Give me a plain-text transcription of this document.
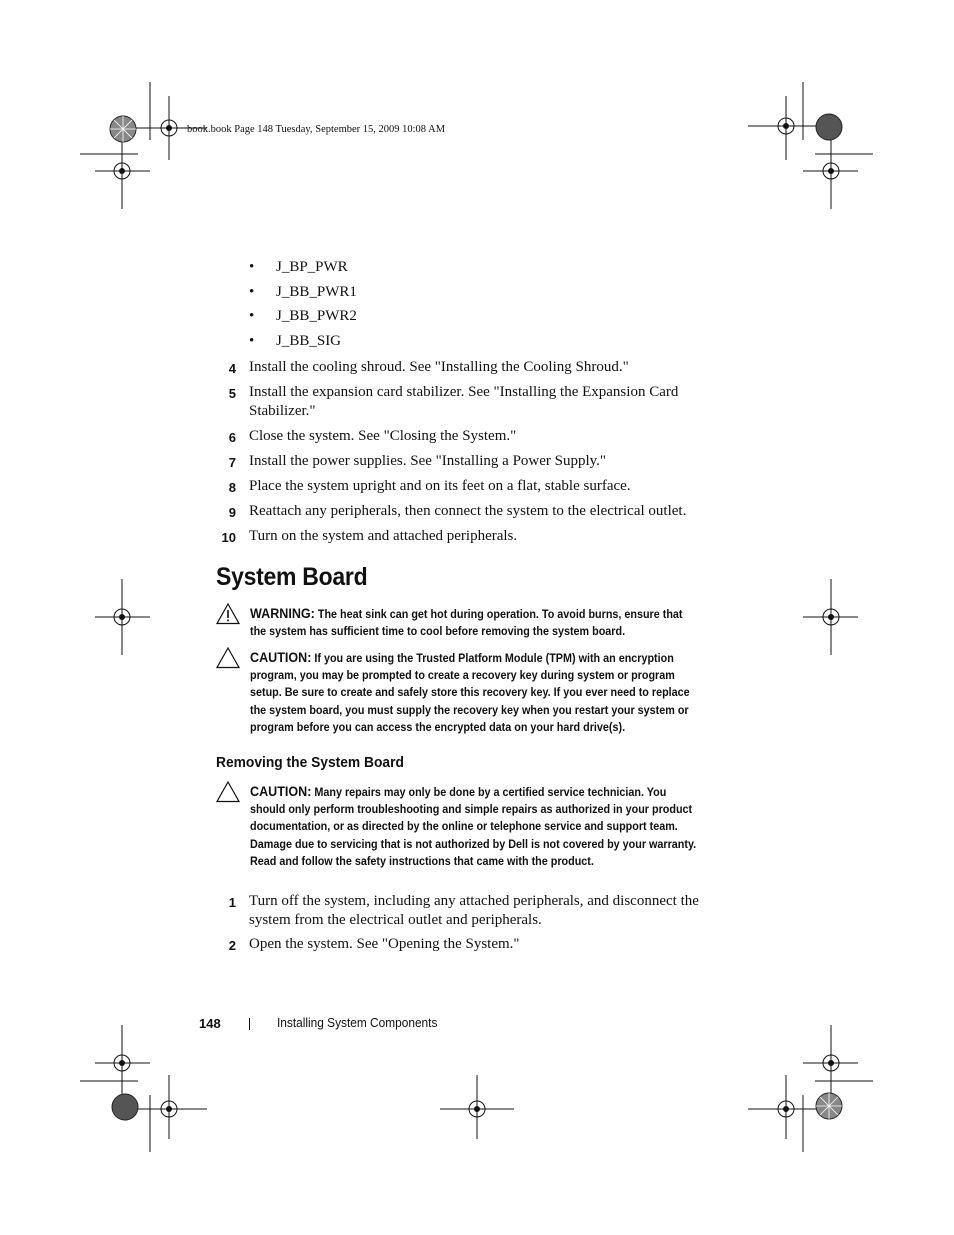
book.book Page 148 Tuesday, September 15, 2009 10:08 AM
• J_BP_PWR
• J_BB_PWR1
• J_BB_PWR2
• J_BB_SIG
4 Install the cooling shroud. See "Installing the Cooling Shroud."
5 Install the expansion card stabilizer. See "Installing the Expansion Card Stabilizer."
6 Close the system. See "Closing the System."
7 Install the power supplies. See "Installing a Power Supply."
8 Place the system upright and on its feet on a flat, stable surface.
9 Reattach any peripherals, then connect the system to the electrical outlet.
10 Turn on the system and attached peripherals.
System Board
WARNING: The heat sink can get hot during operation. To avoid burns, ensure that the system has sufficient time to cool before removing the system board.
CAUTION: If you are using the Trusted Platform Module (TPM) with an encryption program, you may be prompted to create a recovery key during system or program setup. Be sure to create and safely store this recovery key. If you ever need to replace the system board, you must supply the recovery key when you restart your system or program before you can access the encrypted data on your hard drive(s).
Removing the System Board
CAUTION: Many repairs may only be done by a certified service technician. You should only perform troubleshooting and simple repairs as authorized in your product documentation, or as directed by the online or telephone service and support team. Damage due to servicing that is not authorized by Dell is not covered by your warranty. Read and follow the safety instructions that came with the product.
1 Turn off the system, including any attached peripherals, and disconnect the system from the electrical outlet and peripherals.
2 Open the system. See "Opening the System."
148	Installing System Components
